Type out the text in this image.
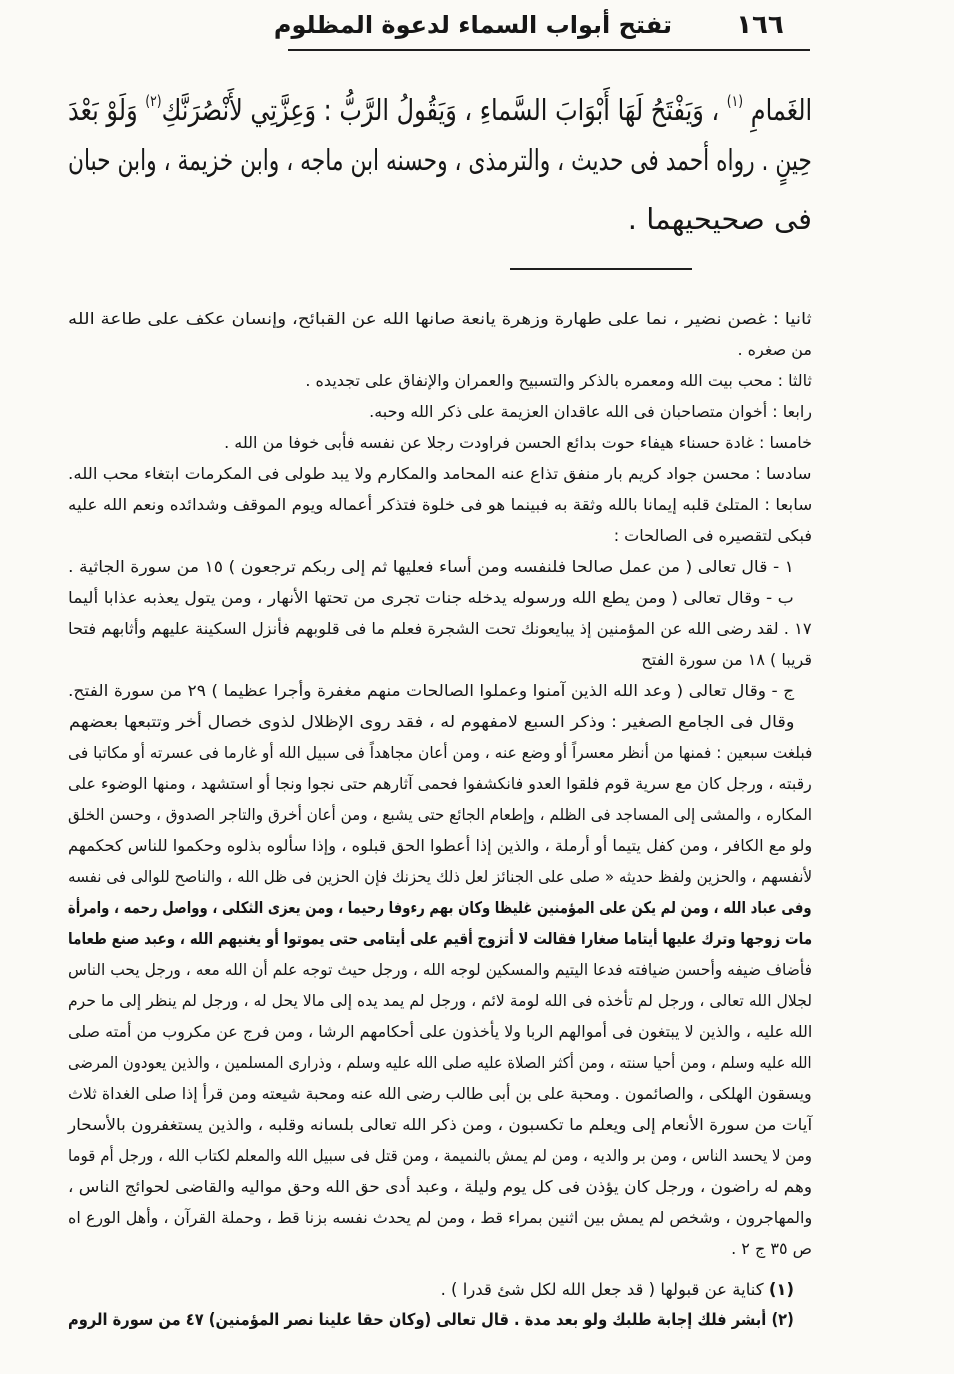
١٦٦
تفتح أبواب السماء لدعوة المظلوم
الغَمامِ $^{(١)}$ ، وَيَفْتَحُ لَهَا أَبْوَابَ السَّماءِ ، وَيَقُولُ الرَّبُّ : وَعِزَّتِي لأَنْصُرَنَّكِ$^{(٢)}$ وَلَوْ بَعْدَ
حِينٍ . رواه أحمد فى حديث ، والترمذى ، وحسنه ابن ماجه ، وابن خزيمة ، وابن حبان
فى صحيحيهما .
ثانيا : غصن نضير ، نما على طهارة وزهرة يانعة صانها الله عن القبائح، وإنسان عكف على طاعة الله
من صغره .
ثالثا : محب بيت الله ومعمره بالذكر والتسبيح والعمران والإنفاق على تجديده .
رابعا : أخوان متصاحبان فى الله عاقدان العزيمة على ذكر الله وحبه.
خامسا : غادة حسناء هيفاء حوت بدائع الحسن فراودت رجلا عن نفسه فأبى خوفا من الله .
سادسا : محسن جواد كريم بار منفق تذاع عنه المحامد والمكارم ولا يبد طولى فى المكرمات ابتغاء محب الله.
سابعا : المتلئ قلبه إيمانا بالله وثقة به فبينما هو فى خلوة فتذكر أعماله ويوم الموقف وشدائده ونعم الله عليه
فبكى لتقصيره فى الصالحات :
١ - قال تعالى ( من عمل صالحا فلنفسه ومن أساء فعليها ثم إلى ربكم ترجعون ) ١٥ من سورة الجاثية .
ب - وقال تعالى ( ومن يطع الله ورسوله يدخله جنات تجرى من تحتها الأنهار ، ومن يتول يعذبه عذابا أليما
١٧ . لقد رضى الله عن المؤمنين إذ يبايعونك تحت الشجرة فعلم ما فى قلوبهم فأنزل السكينة عليهم وأثابهم فتحا
قريبا ) ١٨ من سورة الفتح
ج - وقال تعالى ( وعد الله الذين آمنوا وعملوا الصالحات منهم مغفرة وأجرا عظيما ) ٢٩ من سورة الفتح.
وقال فى الجامع الصغير : وذكر السبع لامفهوم له ، فقد روى الإظلال لذوى خصال أخر وتتبعها بعضهم
فبلغت سبعين : فمنها من أنظر معسراً أو وضع عنه ، ومن أعان مجاهداً فى سبيل الله أو غارما فى عسرته أو مكاتبا فى
رقبته ، ورجل كان مع سرية قوم فلقوا العدو فانكشفوا فحمى آثارهم حتى نجوا ونجا أو استشهد ، ومنها الوضوء على
المكاره ، والمشى إلى المساجد فى الظلم ، وإطعام الجائع حتى يشبع ، ومن أعان أخرق والتاجر الصدوق ، وحسن الخلق
ولو مع الكافر ، ومن كفل يتيما أو أرملة ، والذين إذا أعطوا الحق قبلوه ، وإذا سألوه بذلوه وحكموا للناس كحكمهم
لأنفسهم ، والحزين ولفظ حديثه « صلى على الجنائز لعل ذلك يحزنك فإن الحزين فى ظل الله ، والناصح للوالى فى نفسه
وفى عباد الله ، ومن لم يكن على المؤمنين غليظا وكان بهم رءوفا رحيما ، ومن يعزى الثكلى ، وواصل رحمه ، وامرأة
مات زوجها وترك عليها أيتاما صغارا فقالت لا أتزوج أقيم على أيتامى حتى يموتوا أو يغنيهم الله ، وعبد صنع طعاما
فأضاف ضيفه وأحسن ضيافته فدعا اليتيم والمسكين لوجه الله ، ورجل حيث توجه علم أن الله معه ، ورجل يحب الناس
لجلال الله تعالى ، ورجل لم تأخذه فى الله لومة لائم ، ورجل لم يمد يده إلى مالا يحل له ، ورجل لم ينظر إلى ما حرم
الله عليه ، والذين لا يبتغون فى أموالهم الربا ولا يأخذون على أحكامهم الرشا ، ومن فرج عن مكروب من أمته صلى
الله عليه وسلم ، ومن أحيا سنته ، ومن أكثر الصلاة عليه صلى الله عليه وسلم ، وذرارى المسلمين ، والذين يعودون المرضى
ويسقون الهلكى ، والصائمون . ومحبة على بن أبى طالب رضى الله عنه ومحبة شيعته ومن قرأ إذا صلى الغداة ثلاث
آيات من سورة الأنعام إلى ويعلم ما تكسبون ، ومن ذكر الله تعالى بلسانه وقلبه ، والذين يستغفرون بالأسحار
ومن لا يحسد الناس ، ومن بر والديه ، ومن لم يمش بالنميمة ، ومن قتل فى سبيل الله والمعلم لكتاب الله ، ورجل أم قوما
وهم له راضون ، ورجل كان يؤذن فى كل يوم وليلة ، وعبد أدى حق الله وحق مواليه والقاضى لحوائج الناس ،
والمهاجرون ، وشخص لم يمش بين اثنين بمراء قط ، ومن لم يحدث نفسه بزنا قط ، وحملة القرآن ، وأهل الورع اه
ص ٣٥ ج ٢ .
(١) كناية عن قبولها ( قد جعل الله لكل شئ قدرا ) .
(٢) أبشر فلك إجابة طلبك ولو بعد مدة . قال تعالى (وكان حقا علينا نصر المؤمنين) ٤٧ من سورة الروم
